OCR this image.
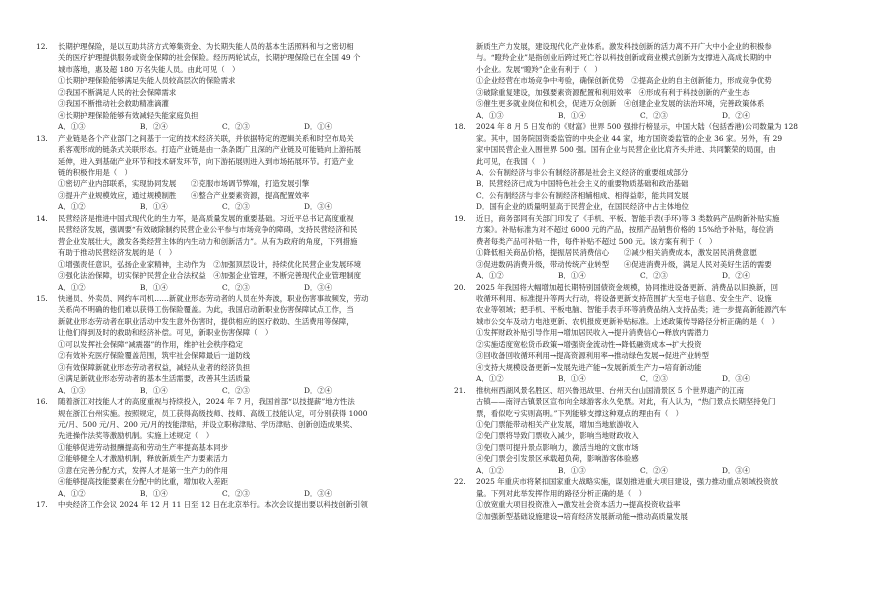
12. 长期护理保险，是以互助共济方式筹集资金、为长期失能人员的基本生活照料和与之密切相
关的医疗护理提供服务或资金保障的社会保险。经历两轮试点，长期护理保险已在全国 49 个
城市落地，惠及超 180 万名失能人员。由此可见（　）
①长期护理保险能够满足失能人员较高层次的保险需求
②我国不断满足人民的社会保障需求
③我国不断推动社会救助精准滴灌
④长期护理保险能够有效减轻失能家庭负担
A．①③	B．②④	C．②③	D．①④
13. 产业链是各个产业部门之间基于一定的技术经济关联，并依据特定的逻辑关系和时空布局关
系客观形成的链条式关联形态。打造产业链是由一条条既广且深的产业链及可能链向上游拓展
延伸，进入到基础产业环节和技术研发环节，向下游拓展则进入到市场拓展环节。打造产业
链的积极作用是（　）
①密切产业内部联系，实现协同发展　　②克服市场调节弊端，打造发展引擎
③提升产业规模效应，通过规模制胜　　④整合产业要素资源，提高配置效率
A．①②	B．①④	C．②③	D．③④
14. 民营经济是推进中国式现代化的生力军，是高质量发展的重要基础。习近平总书记高度重视
民营经济发展，强调要“有效破除制约民营企业公平参与市场竞争的障碍，支持民营经济和民
营企业发展壮大，激发各类经营主体的内生动力和创新活力”。从有为政府的角度，下列措施
有助于推动民营经济发展的是（　）
①增强责任意识，弘扬企业家精神，主动作为　②加强顶层设计，持续优化民营企业发展环境
③强化法治保障，切实保护民营企业合法权益　④加强企业管理，不断完善现代企业管理制度
A．①②	B．①④	C．②③	D．③④
15. 快递员、外卖员、网约车司机……新就业形态劳动者的人员在外奔波，职业伤害事故频发，劳动
关系尚不明确的他们难以获得工伤保险覆盖。为此，我国启动新职业伤害保障试点工作，当
新就业形态劳动者在职业活动中发生意外伤害时，提供相应的医疗救助、生活费用等保障，
让他们得到及时的救助和经济补偿。可见，新职业伤害保障（　）
①可以发挥社会保障“减震器”的作用，维护社会秩序稳定
②有效补充医疗保险覆盖范围，筑牢社会保障最后一道防线
③有效保障新就业形态劳动者权益，减轻从业者的经济负担
④满足新就业形态劳动者的基本生活需要，改善其生活质量
A．①③	B．①④	C．②③	D．②④
16. 随着浙江对技能人才的高度重视与持续投入，2024 年 7 月，我国首部“以技提薪”地方性法
规在浙江台州实施。按照规定，员工获得高级技师、技师、高级工技能认定，可分别获得 1000
元/月、500 元/月、200 元/月的技能津贴，并设立职称津贴、学历津贴、创新创造成果奖、
先进操作法奖等激励机制。实施上述规定（　）
①能够促进劳动报酬提高和劳动生产率提高基本同步
②能够健全人才激励机制，释放新质生产力要素活力
③意在完善分配方式，发挥人才是第一生产力的作用
④能够提高技能要素在分配中的比重，增加收入差距
A．①②	B．①④	C．②③	D．③④
17. 中央经济工作会议 2024 年 12 月 11 日至 12 日在北京举行。本次会议提出要以科技创新引领
新质生产力发展，建设现代化产业体系。激发科技创新的活力离不开广大中小企业的积极参
与。“瞪羚企业”是指创业后跨过死亡谷以科技创新或商业模式创新为支撑进入高成长期的中
小企业。发展“瞪羚”企业有利于（　）
①企业经营在市场竞争中考验，确保创新优势　②提高企业的自主创新能力，形成竞争优势
③破除重复建设，加强要素资源配置和利用效率　④形成有利于科技创新的产业生态
⑤催生更多就业岗位和机会，促进万众创新　④创建企业发展的法治环境，完善政策体系
A．①③	B．①④	C．②③	D．②④
18. 2024 年 8 月 5 日发布的《财富》世界 500 强排行榜显示，中国大陆（包括香港)公司数量为 128
家。其中，国务院国资委监管的中央企业 44 家，地方国资委监管的企业 36 家。另外，有 29
家中国民营企业入围世界 500 强。国有企业与民营企业比肩齐头并进、共同繁荣的局面，由
此可见，在我国（　）
A．公有制经济与非公有制经济都是社会主义经济的重要组成部分
B．民营经济已成为中国特色社会主义的重要物质基础和政治基础
C．公有制经济与非公有制经济相辅相成、相得益彰，能共同发展
D．国有企业的质量明显高于民营企业，在国民经济中占主体地位
19. 近日，商务部同有关部门印发了《手机、平板、智能手表(手环)等 3 类数码产品购新补贴实施
方案》。补贴标准为对不超过 6000 元的产品，按照产品销售价格的 15%给予补贴，每位消
费者每类产品可补贴一件，每件补贴不超过 500 元。该方案有利于（　）
①降低相关商品价格，提振居民消费信心　　②减少相关消费成本，激发居民消费意愿
③促进数码消费升级，带动传统产业转型　　④促进消费升级，满足人民对美好生活的需要
A．①②	B．①④	C．②③	D．②④
20. 2025 年我国将大幅增加超长期特别国债资金规模，协同推进设备更新、消费品以旧换新，回
收循环利用、标准提升等两大行动，将设备更新支持范围扩大至电子信息、安全生产、设施
农业等领域；把手机、平板电脑、智能手表手环等消费品纳入支持品类；进一步提高新能源汽车
城市公交车及动力电池更新、农机报废更新补贴标准。上述政策传导路径分析正确的是（　）
①发挥财政补贴引导作用→增加居民收入→提升消费信心→释放内需潜力
②实施适度宽松货币政策→增强资金流动性→降低融资成本→扩大投资
③回收备回收循环利用→提高资源利用率→推动绿色发展→促进产业转型
④支持大规模设备更新→发展先进产能→发展新质生产力→培育新动能
A．①②	B．①④	C．②③	D．③④
21. 推杭州西湖风景名胜区、绍兴鲁迅故里、台州天台山国清景区 5 个世界遗产的江南
古镇——南浔古镇景区宣布向全球游客永久免票。对此，有人认为，“热门景点长期坚持免门
票，看似吃亏实则高明。”下列能够支撑这种观点的理由有（　）
①免门票能带动相关产业发展，增加当地旅游收入
②免门票将导致门票收入减少，影响当地财政收入
③免门票可提升景点影响力，激活当地的文旅市场
④免门票会引发景区承载超负荷，影响游客体验感
A．①②	B．①③	C．②④	D．③④
22. 2025 年重庆市将紧扣国家重大战略实施，谋划推进重大项目建设，强力推动重点领域投资放
量。下列对此举发挥作用的路径分析正确的是（　）
①放宽重大项目投资准入→激发社会资本活力→提高投资收益率
②加强新型基础设施建设→培育经济发展新动能→推动高质量发展
